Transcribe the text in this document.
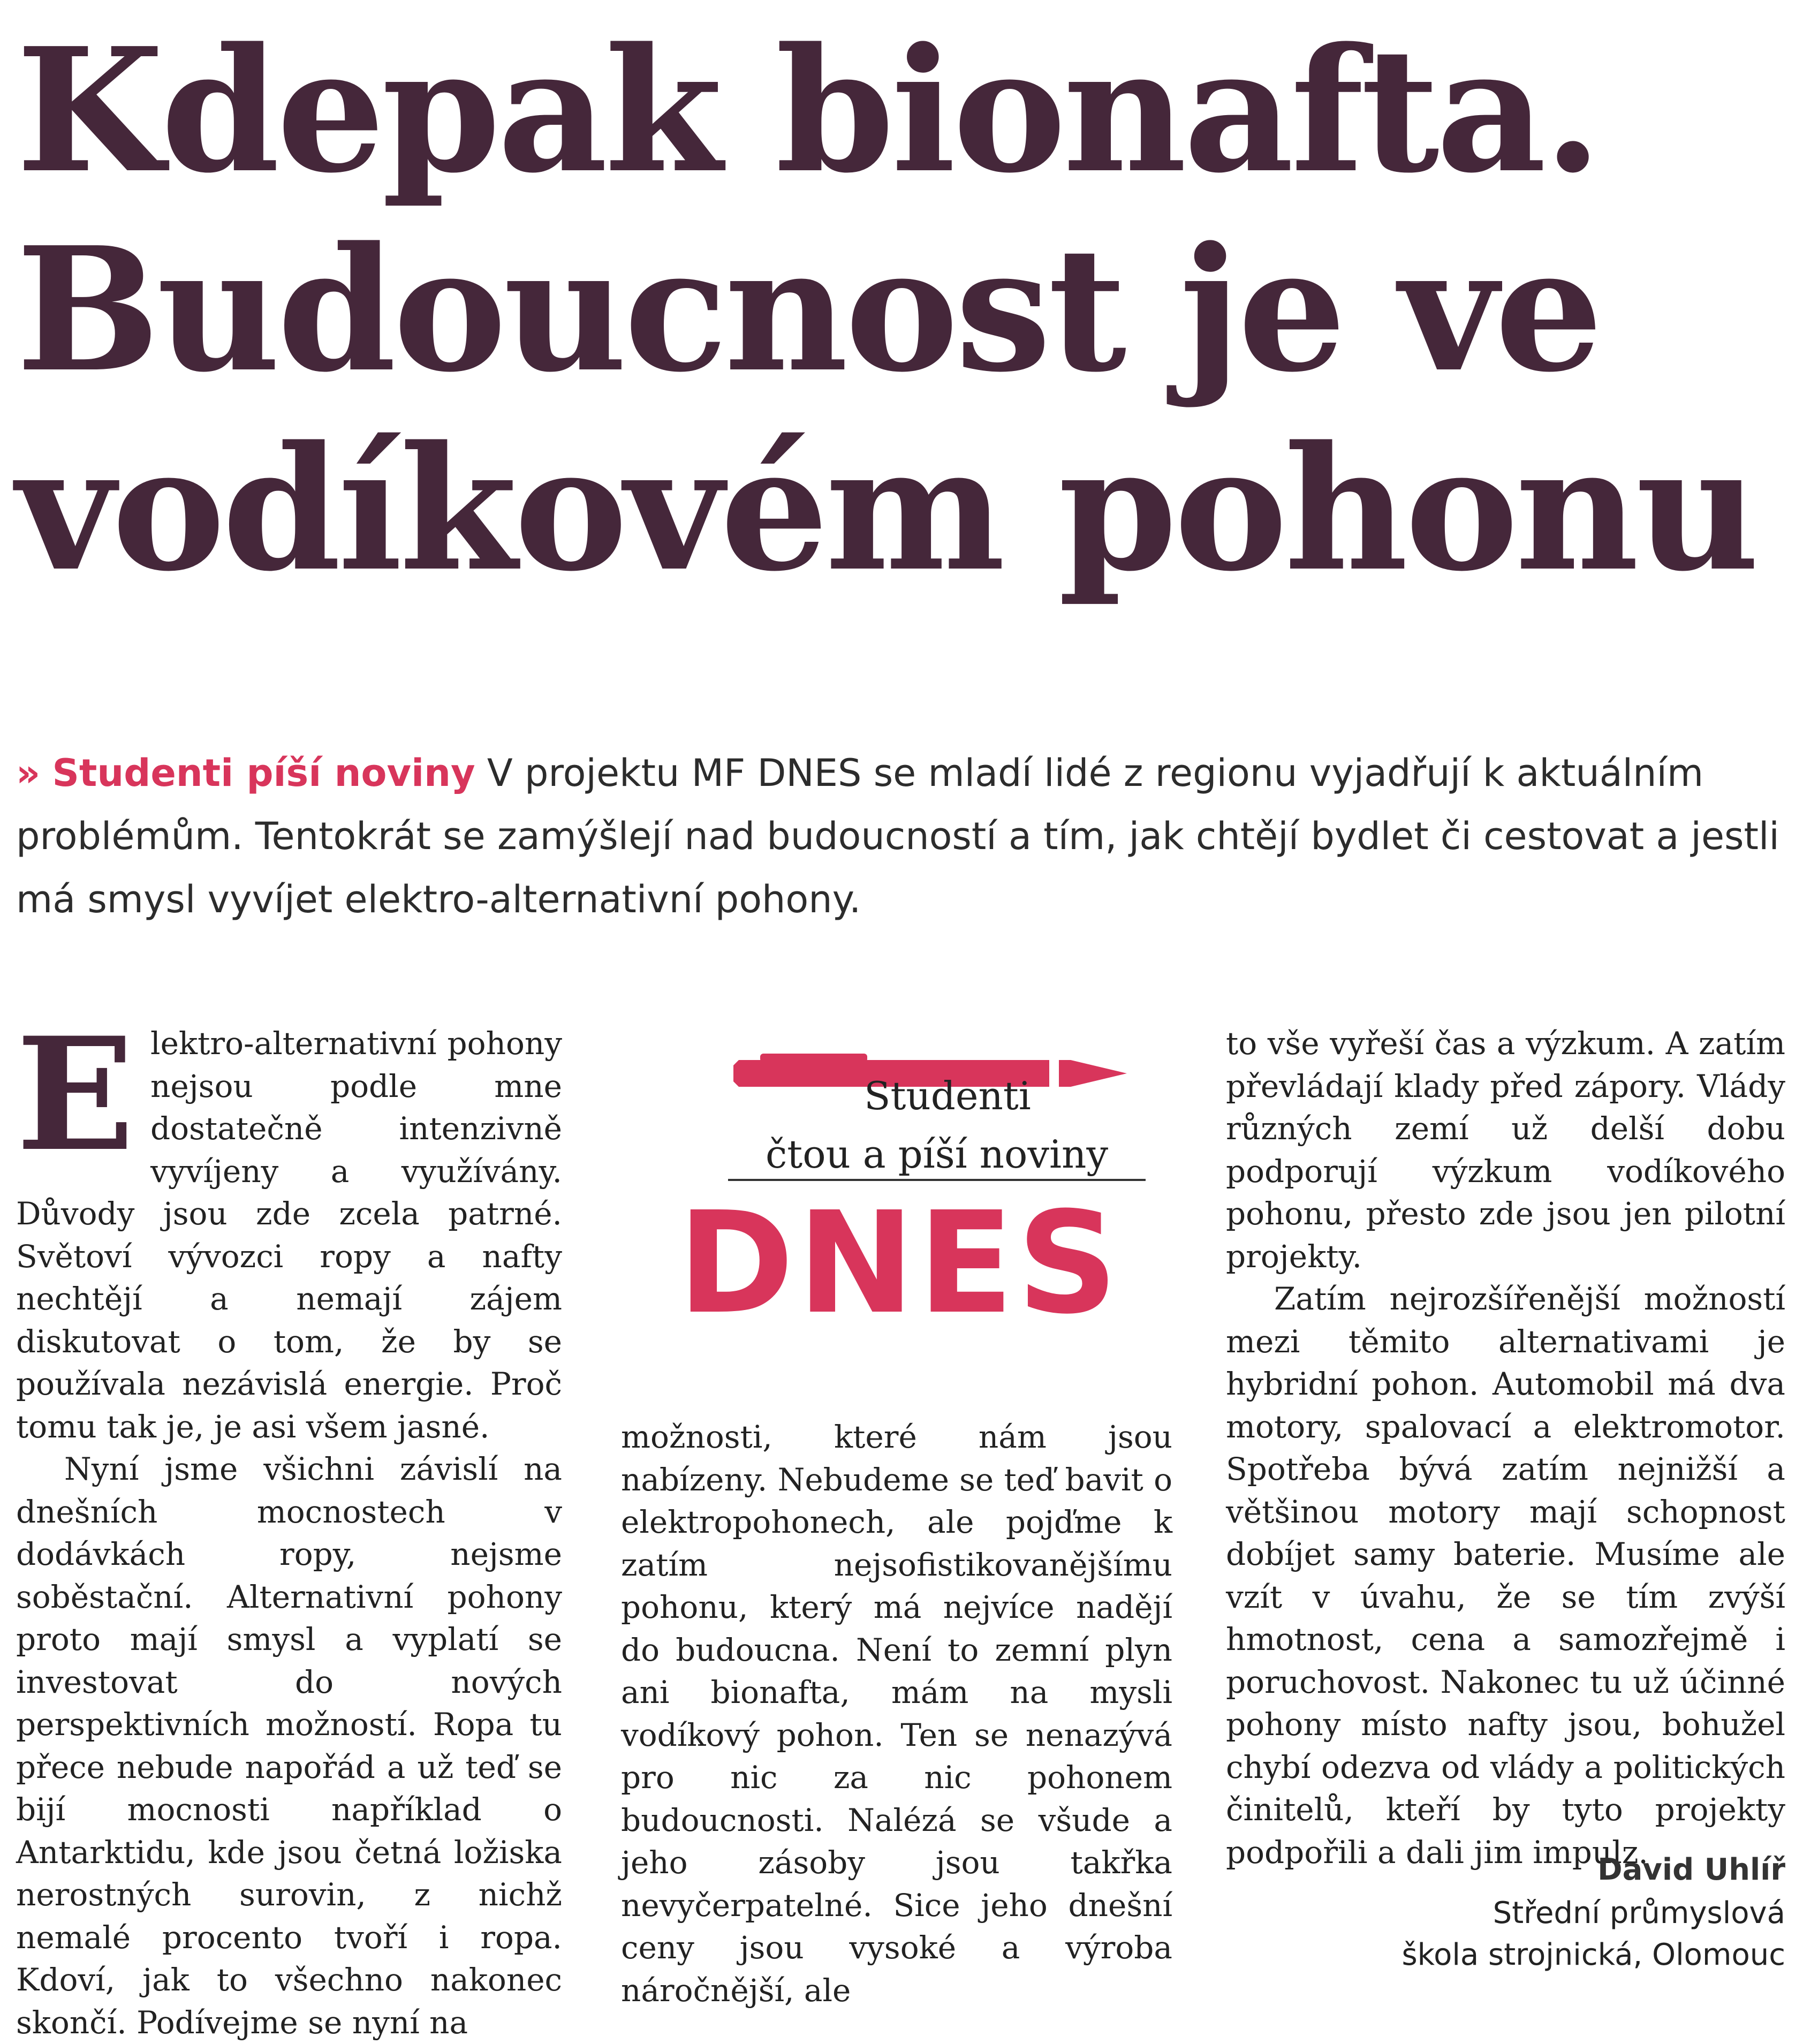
Kdepak bionafta.
Budoucnost je ve
vodíkovém pohonu
» Studenti píší noviny V projektu MF DNES se mladí lidé z regionu vyjadřují k aktuálním problémům. Tentokrát se zamýšlejí nad budoucností a tím, jak chtějí bydlet či cestovat a jestli má smysl vyvíjet elektro-alternativní pohony.

Elektro-alternativní pohony nejsou podle mne dostatečně intenzivně vyvíjeny a využívány. Důvody jsou zde zcela patrné. Světoví vývozci ropy a nafty nechtějí a nemají zájem diskutovat o tom, že by se používala nezávislá energie. Proč tomu tak je, je asi všem jasné.

Nyní jsme všichni závislí na dnešních mocnostech v dodávkách ropy, nejsme soběstační. Alternativní pohony proto mají smysl a vyplatí se investovat do nových perspektivních možností. Ropa tu přece nebude napořád a už teď se bijí mocnosti například o Antarktidu, kde jsou četná ložiska nerostných surovin, z nichž nemalé procento tvoří i ropa. Kdoví, jak to všechno nakonec skončí. Podívejme se nyní na

Studenti
čtou a píší noviny
DNES

možnosti, které nám jsou nabízeny. Nebudeme se teď bavit o elektropohonech, ale pojďme k zatím nejsofistikovanějšímu pohonu, který má nejvíce nadějí do budoucna. Není to zemní plyn ani bionafta, mám na mysli vodíkový pohon. Ten se nenazývá pro nic za nic pohonem budoucnosti. Nalézá se všude a jeho zásoby jsou takřka nevyčerpatelné. Sice jeho dnešní ceny jsou vysoké a výroba náročnější, ale

to vše vyřeší čas a výzkum. A zatím převládají klady před zápory. Vlády různých zemí už delší dobu podporují výzkum vodíkového pohonu, přesto zde jsou jen pilotní projekty.

Zatím nejrozšířenější možností mezi těmito alternativami je hybridní pohon. Automobil má dva motory, spalovací a elektromotor. Spotřeba bývá zatím nejnižší a většinou motory mají schopnost dobíjet samy baterie. Musíme ale vzít v úvahu, že se tím zvýší hmotnost, cena a samozřejmě i poruchovost. Nakonec tu už účinné pohony místo nafty jsou, bohužel chybí odezva od vlády a politických činitelů, kteří by tyto projekty podpořili a dali jim impulz.

David Uhlíř
Střední průmyslová
škola strojnická, Olomouc
